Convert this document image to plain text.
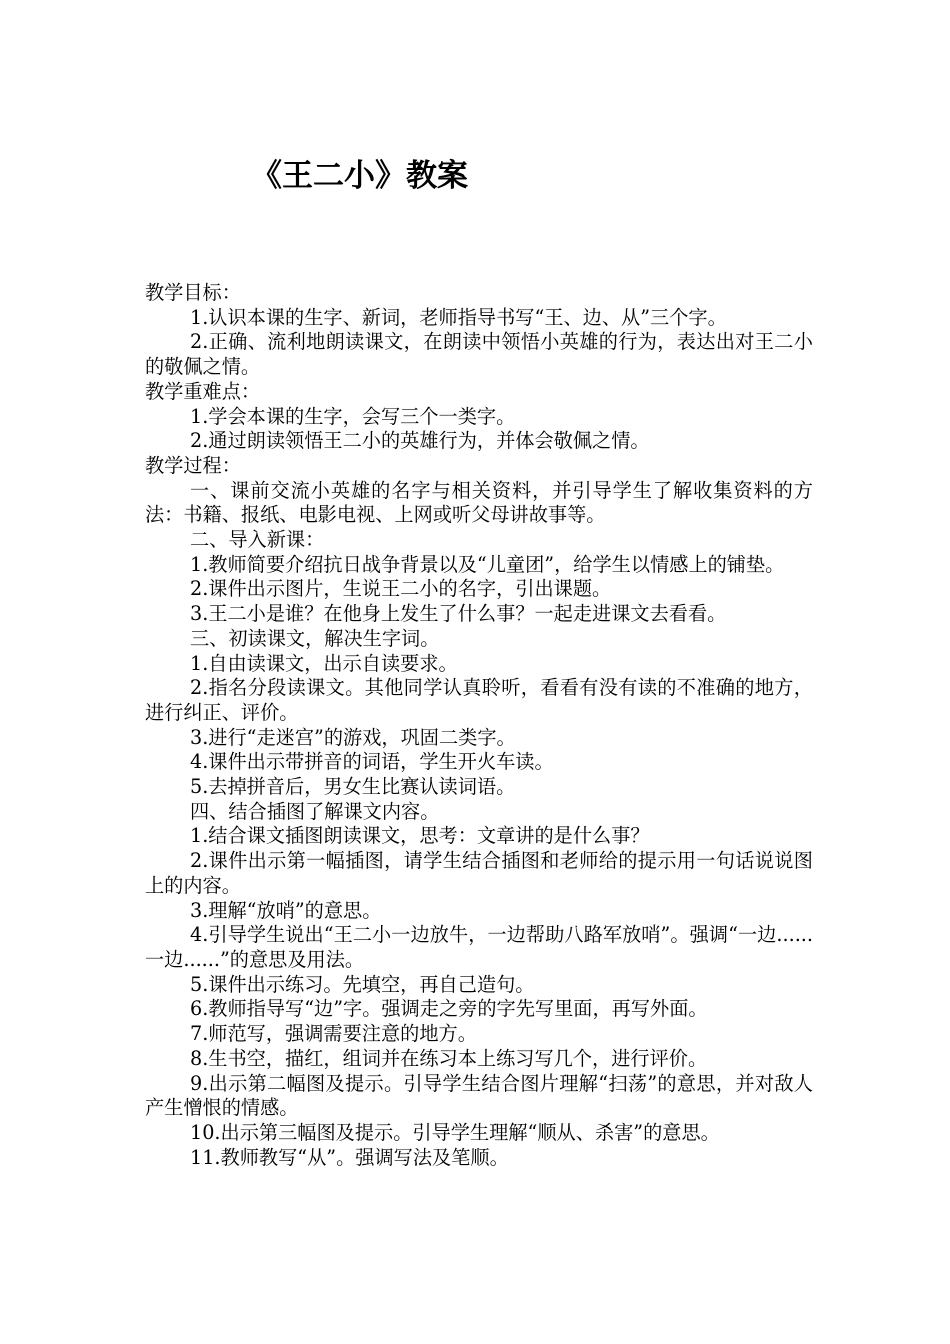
《王二小》教案

教学目标：

1.认识本课的生字、新词，老师指导书写“王、边、从”三个字。

2.正确、流利地朗读课文，在朗读中领悟小英雄的行为，表达出对王二小的敬佩之情。

教学重难点：

1.学会本课的生字，会写三个一类字。

2.通过朗读领悟王二小的英雄行为，并体会敬佩之情。

教学过程：

一、课前交流小英雄的名字与相关资料，并引导学生了解收集资料的方法：书籍、报纸、电影电视、上网或听父母讲故事等。

二、导入新课：

1.教师简要介绍抗日战争背景以及“儿童团”，给学生以情感上的铺垫。

2.课件出示图片，生说王二小的名字，引出课题。

3.王二小是谁？在他身上发生了什么事？一起走进课文去看看。

三、初读课文，解决生字词。

1.自由读课文，出示自读要求。

2.指名分段读课文。其他同学认真聆听，看看有没有读的不准确的地方，进行纠正、评价。

3.进行“走迷宫”的游戏，巩固二类字。

4.课件出示带拼音的词语，学生开火车读。

5.去掉拼音后，男女生比赛认读词语。

四、结合插图了解课文内容。

1.结合课文插图朗读课文，思考：文章讲的是什么事？

2.课件出示第一幅插图，请学生结合插图和老师给的提示用一句话说说图上的内容。

3.理解“放哨”的意思。

4.引导学生说出“王二小一边放牛，一边帮助八路军放哨”。强调“一边......一边......”的意思及用法。

5.课件出示练习。先填空，再自己造句。

6.教师指导写“边”字。强调走之旁的字先写里面，再写外面。

7.师范写，强调需要注意的地方。

8.生书空，描红，组词并在练习本上练习写几个，进行评价。

9.出示第二幅图及提示。引导学生结合图片理解“扫荡”的意思，并对敌人产生憎恨的情感。

10.出示第三幅图及提示。引导学生理解“顺从、杀害”的意思。

11.教师教写“从”。强调写法及笔顺。
